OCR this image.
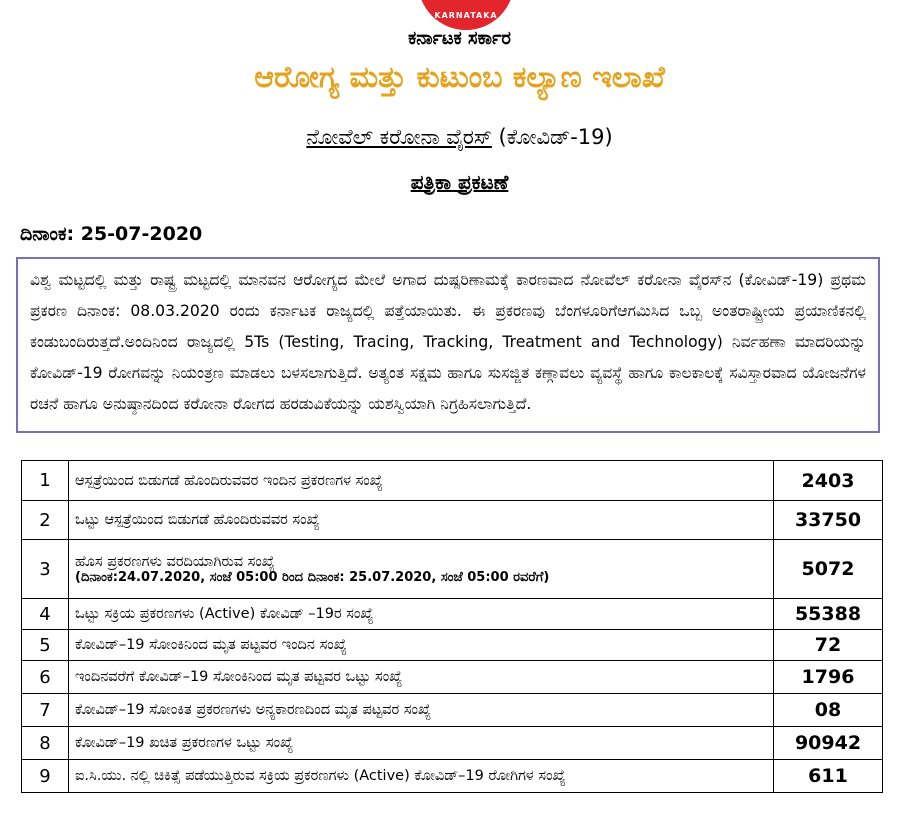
KARNATAKA
ಕರ್ನಾಟಕ ಸರ್ಕಾರ
ಆರೋಗ್ಯ ಮತ್ತು ಕುಟುಂಬ ಕಲ್ಯಾಣ ಇಲಾಖೆ
ನೋವೆಲ್ ಕರೋನಾ ವೈರಸ್ (ಕೋವಿಡ್-19)
ಪತ್ರಿಕಾ ಪ್ರಕಟಣೆ
ದಿನಾಂಕ: 25-07-2020
ವಿಶ್ವ ಮಟ್ಟದಲ್ಲಿ ಮತ್ತು ರಾಷ್ಟ್ರ ಮಟ್ಟದಲ್ಲಿ ಮಾನವನ ಆರೋಗ್ಯದ ಮೇಲೆ ಅಗಾದ ದುಷ್ಪರಿಣಾಮಕ್ಕೆ ಕಾರಣವಾದ ನೋವೆಲ್ ಕರೋನಾ ವೈರಸ್‌ನ (ಕೋವಿಡ್-19) ಪ್ರಥಮ ಪ್ರಕರಣ ದಿನಾಂಕ: 08.03.2020 ರಂದು ಕರ್ನಾಟಕ ರಾಜ್ಯದಲ್ಲಿ ಪತ್ತೆಯಾಯಿತು. ಈ ಪ್ರಕರಣವು ಬೆಂಗಳೂರಿಗೆಆಗಮಿಸಿದ ಒಬ್ಬ ಅಂತರಾಷ್ಟ್ರೀಯ ಪ್ರಯಾಣಿಕನಲ್ಲಿ ಕಂಡುಬಂದಿರುತ್ತದೆ.ಅಂದಿನಿಂದ ರಾಜ್ಯದಲ್ಲಿ 5Ts (Testing, Tracing, Tracking, Treatment and Technology) ನಿರ್ವಹಣಾ ಮಾದರಿಯನ್ನು ಕೋವಿಡ್-19 ರೋಗವನ್ನು ನಿಯಂತ್ರಣ ಮಾಡಲು ಬಳಸಲಾಗುತ್ತಿದೆ. ಅತ್ಯಂತ ಸಕ್ಷಮ ಹಾಗೂ ಸುಸಜ್ಜಿತ ಕಣ್ಗಾವಲು ವ್ಯವಸ್ಥೆ ಹಾಗೂ ಕಾಲಕಾಲಕ್ಕೆ ಸವಿಸ್ತಾರವಾದ ಯೋಜನೆಗಳ ರಚನೆ ಹಾಗೂ ಅನುಷ್ಠಾನದಿಂದ ಕರೋನಾ ರೋಗದ ಹರಡುವಿಕೆಯನ್ನು ಯಶಸ್ವಿಯಾಗಿ ನಿಗ್ರಹಿಸಲಾಗುತ್ತಿದೆ.
1	ಆಸ್ಪತ್ರೆಯಿಂದ ಬಿಡುಗಡೆ ಹೊಂದಿರುವವರ ಇಂದಿನ ಪ್ರಕರಣಗಳ ಸಂಖ್ಯೆ	2403
2	ಒಟ್ಟು ಆಸ್ಪತ್ರೆಯಿಂದ ಬಿಡುಗಡೆ ಹೊಂದಿರುವವರ ಸಂಖ್ಯೆ	33750
3	ಹೊಸ ಪ್ರಕರಣಗಳು ವರದಿಯಾಗಿರುವ ಸಂಖ್ಯೆ
(ದಿನಾಂಕ:24.07.2020, ಸಂಜೆ 05:00 ರಿಂದ ದಿನಾಂಕ: 25.07.2020, ಸಂಜೆ 05:00 ರವರೆಗೆ)	5072
4	ಒಟ್ಟು ಸಕ್ರಿಯ ಪ್ರಕರಣಗಳು (Active) ಕೋವಿಡ್ –19ರ ಸಂಖ್ಯೆ	55388
5	ಕೋವಿಡ್–19 ಸೋಂಕಿನಿಂದ ಮೃತ ಪಟ್ಟವರ ಇಂದಿನ ಸಂಖ್ಯೆ	72
6	ಇಂದಿನವರೆಗೆ ಕೋವಿಡ್–19 ಸೋಂಕಿನಿಂದ ಮೃತ ಪಟ್ಟವರ ಒಟ್ಟು ಸಂಖ್ಯೆ	1796
7	ಕೋವಿಡ್–19 ಸೋಂಕಿತ ಪ್ರಕರಣಗಳು ಅನ್ಯಕಾರಣದಿಂದ ಮೃತ ಪಟ್ಟವರ ಸಂಖ್ಯೆ	08
8	ಕೋವಿಡ್–19 ಖಚಿತ ಪ್ರಕರಣಗಳ ಒಟ್ಟು ಸಂಖ್ಯೆ	90942
9	ಐ.ಸಿ.ಯು. ನಲ್ಲಿ ಚಿಕಿತ್ಸೆ ಪಡೆಯುತ್ತಿರುವ ಸಕ್ರಿಯ ಪ್ರಕರಣಗಳು (Active) ಕೋವಿಡ್–19 ರೋಗಿಗಳ ಸಂಖ್ಯೆ	611
